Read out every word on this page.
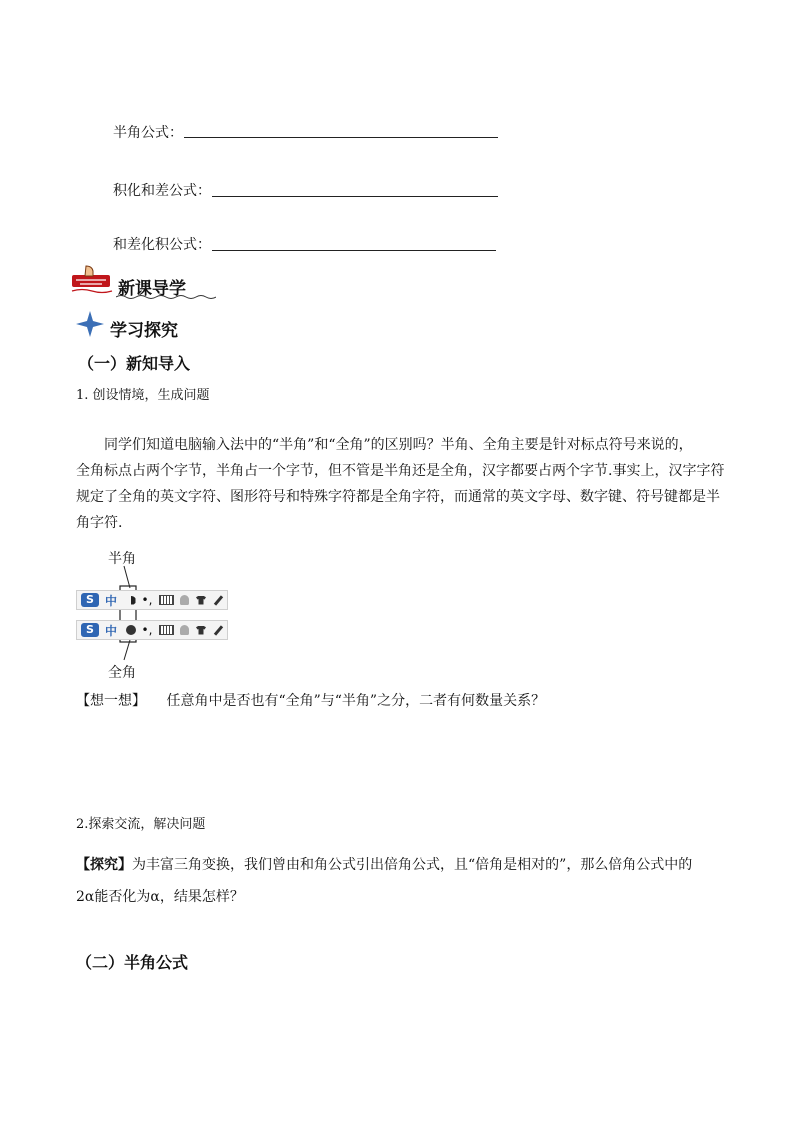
半角公式：
积化和差公式：
和差化积公式：
新课导学
学习探究
（一）新知导入
1. 创设情境，生成问题
同学们知道电脑输入法中的“半角”和“全角”的区别吗？半角、全角主要是针对标点符号来说的，
全角标点占两个字节，半角占一个字节，但不管是半角还是全角，汉字都要占两个字节.事实上，汉字字符
规定了全角的英文字符、图形符号和特殊字符都是全角字符，而通常的英文字母、数字键、符号键都是半
角字符.
半角
S 中 •,
S 中 •,
全角
【想一想】 任意角中是否也有“全角”与“半角”之分，二者有何数量关系？
2.探索交流，解决问题
【探究】为丰富三角变换，我们曾由和角公式引出倍角公式，且“倍角是相对的”，那么倍角公式中的
2α能否化为α，结果怎样？
（二）半角公式
